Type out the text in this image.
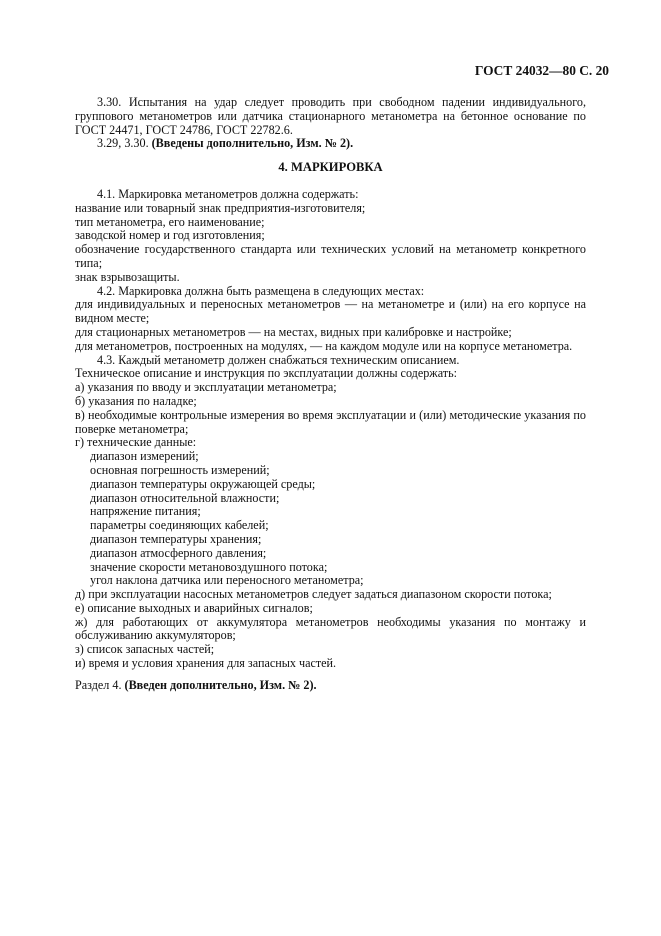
ГОСТ 24032—80 С. 20

3.30. Испытания на удар следует проводить при свободном падении индивидуального, группового метанометров или датчика стационарного метанометра на бетонное основание по ГОСТ 24471, ГОСТ 24786, ГОСТ 22782.6.

3.29, 3.30. (Введены дополнительно, Изм. № 2).

4. МАРКИРОВКА

4.1. Маркировка метанометров должна содержать:

название или товарный знак предприятия-изготовителя;

тип метанометра, его наименование;

заводской номер и год изготовления;

обозначение государственного стандарта или технических условий на метанометр конкретного типа;

знак взрывозащиты.

4.2. Маркировка должна быть размещена в следующих местах:

для индивидуальных и переносных метанометров — на метанометре и (или) на его корпусе на видном месте;

для стационарных метанометров — на местах, видных при калибровке и настройке;

для метанометров, построенных на модулях, — на каждом модуле или на корпусе метанометра.

4.3. Каждый метанометр должен снабжаться техническим описанием.

Техническое описание и инструкция по эксплуатации должны содержать:

а) указания по вводу и эксплуатации метанометра;

б) указания по наладке;

в) необходимые контрольные измерения во время эксплуатации и (или) методические указания по поверке метанометра;

г) технические данные:

диапазон измерений;

основная погрешность измерений;

диапазон температуры окружающей среды;

диапазон относительной влажности;

напряжение питания;

параметры соединяющих кабелей;

диапазон температуры хранения;

диапазон атмосферного давления;

значение скорости метановоздушного потока;

угол наклона датчика или переносного метанометра;

д) при эксплуатации насосных метанометров следует задаться диапазоном скорости потока;

е) описание выходных и аварийных сигналов;

ж) для работающих от аккумулятора метанометров необходимы указания по монтажу и обслуживанию аккумуляторов;

з) список запасных частей;

и) время и условия хранения для запасных частей.

Раздел 4. (Введен дополнительно, Изм. № 2).
